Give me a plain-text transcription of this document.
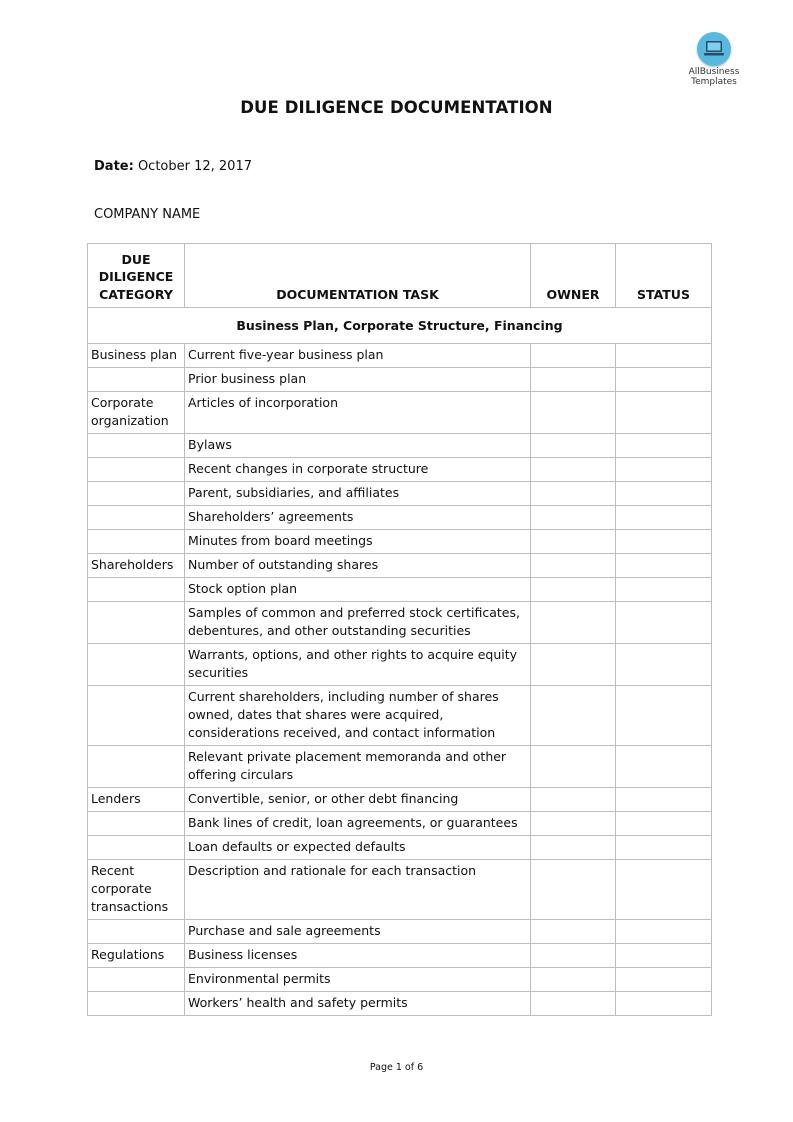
AllBusiness
Templates
DUE DILIGENCE DOCUMENTATION
Date: October 12, 2017
COMPANY NAME
DUE
DILIGENCE
CATEGORY	DOCUMENTATION TASK	OWNER	STATUS
Business Plan, Corporate Structure, Financing			
Business plan	Current five-year business plan		
	Prior business plan		
Corporate organization	Articles of incorporation		
	Bylaws		
	Recent changes in corporate structure		
	Parent, subsidiaries, and affiliates		
	Shareholders’ agreements		
	Minutes from board meetings		
Shareholders	Number of outstanding shares		
	Stock option plan		
	Samples of common and preferred stock certificates, debentures, and other outstanding securities		
	Warrants, options, and other rights to acquire equity securities		
	Current shareholders, including number of shares owned, dates that shares were acquired, considerations received, and contact information		
	Relevant private placement memoranda and other offering circulars		
Lenders	Convertible, senior, or other debt financing		
	Bank lines of credit, loan agreements, or guarantees		
	Loan defaults or expected defaults		
Recent corporate transactions	Description and rationale for each transaction		
	Purchase and sale agreements		
Regulations	Business licenses		
	Environmental permits		
	Workers’ health and safety permits		
Page 1 of 6
